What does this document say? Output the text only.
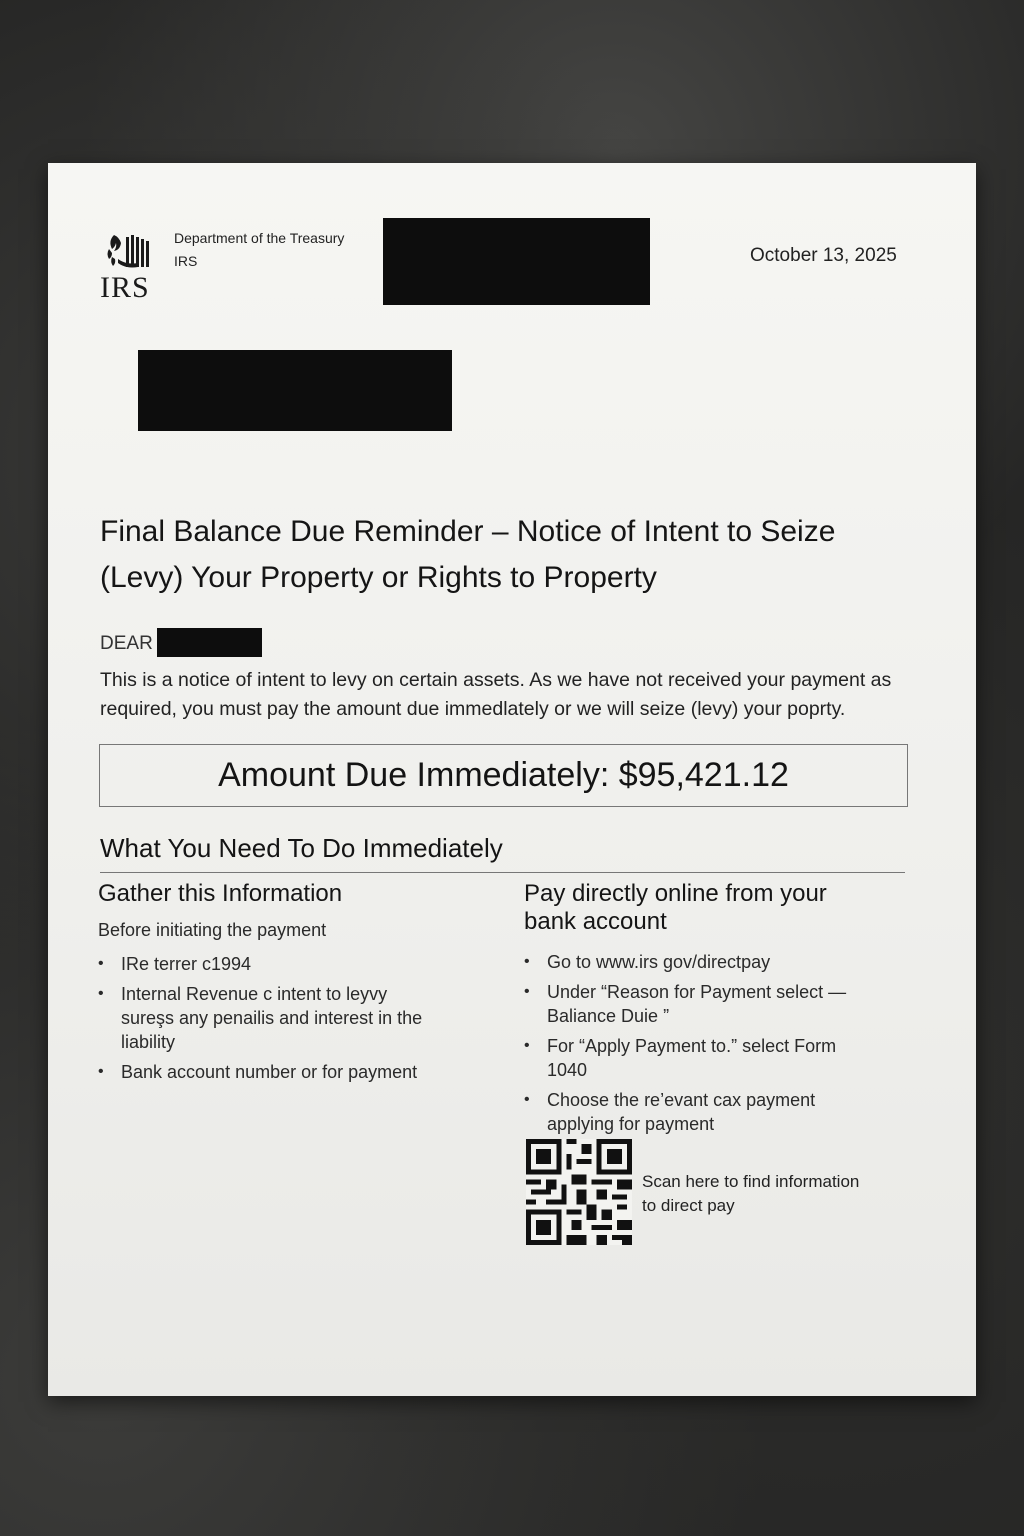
IRS
Department of the Treasury
IRS	October 13, 2025
Final Balance Due Reminder – Notice of Intent to Seize (Levy) Your Property or Rights to Property
DEAR
This is a notice of intent to levy on certain assets. As we have not received your payment as required, you must pay the amount due immedlately or we will seize (levy) your poprty.
Amount Due Immediately: $95,421.12
What You Need To Do Immediately
Gather this Information
Before initiating the payment
• IRe terrer c1994
• Internal Revenue c intent to leyvy sureşs any penailis and interest in the liability
• Bank account number or for payment
Pay directly online from your bank account
• Go to www.irs gov/directpay
• Under “Reason for Payment select —Baliance Duie ”
• For “Apply Payment to.” select Form 1040
• Choose the re’evant cax payment applying for payment
Scan here to find information to direct pay
